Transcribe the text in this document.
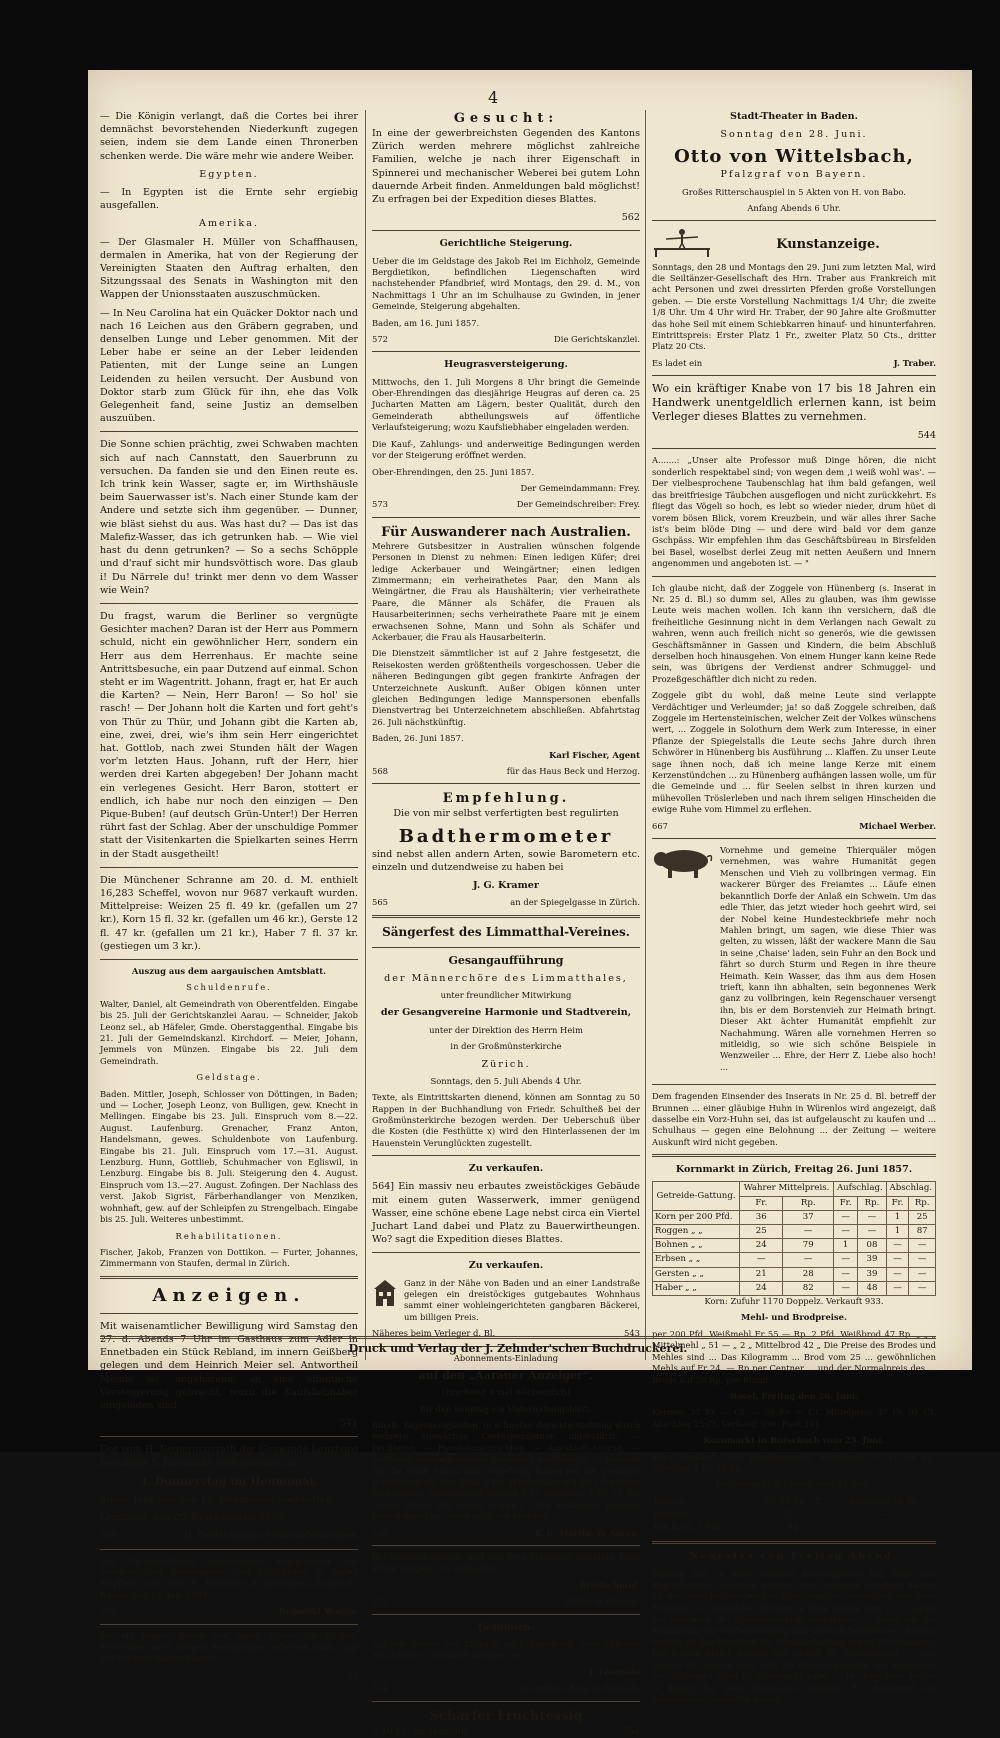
4

— Die Königin verlangt, daß die Cortes bei ihrer demnächst bevorstehenden Niederkunft zugegen seien, indem sie dem Lande einen Thronerben schenken werde. Die wäre mehr wie andere Weiber.

Egypten.

— In Egypten ist die Ernte sehr ergiebig ausgefallen.

Amerika.

— Der Glasmaler H. Müller von Schaffhausen, dermalen in Amerika, hat von der Regierung der Vereinigten Staaten den Auftrag erhalten, den Sitzungssaal des Senats in Washington mit den Wappen der Unionsstaaten auszuschmücken.

— In Neu Carolina hat ein Quäcker Doktor nach und nach 16 Leichen aus den Gräbern gegraben, und denselben Lunge und Leber genommen. Mit der Leber habe er seine an der Leber leidenden Patienten, mit der Lunge seine an Lungen Leidenden zu heilen versucht. Der Ausbund von Doktor starb zum Glück für ihn, ehe das Volk Gelegenheit fand, seine Justiz an demselben auszuüben.

Die Sonne schien prächtig, zwei Schwaben machten sich auf nach Cannstatt, den Sauerbrunn zu versuchen. Da fanden sie und den Einen reute es. Ich trink kein Wasser, sagte er, im Wirthshäusle beim Sauerwasser ist's. Nach einer Stunde kam der Andere und setzte sich ihm gegenüber. — Dunner, wie bläst siehst du aus. Was hast du? — Das ist das Malefiz-Wasser, das ich getrunken hab. — Wie viel hast du denn getrunken? — So a sechs Schöpple und d'rauf sicht mir hundsvöttisch wore. Das glaub i! Du Närrele du! trinkt mer denn vo dem Wasser wie Wein?

Du fragst, warum die Berliner so vergnügte Gesichter machen? Daran ist der Herr aus Pommern schuld, nicht ein gewöhnlicher Herr, sondern ein Herr aus dem Herrenhaus. Er machte seine Antrittsbesuche, ein paar Dutzend auf einmal. Schon steht er im Wagentritt. Johann, fragt er, hat Er auch die Karten? — Nein, Herr Baron! — So hol' sie rasch! — Der Johann holt die Karten und fort geht's von Thür zu Thür, und Johann gibt die Karten ab, eine, zwei, drei, wie's ihm sein Herr eingerichtet hat. Gottlob, nach zwei Stunden hält der Wagen vor'm letzten Haus. Johann, ruft der Herr, hier werden drei Karten abgegeben! Der Johann macht ein verlegenes Gesicht. Herr Baron, stottert er endlich, ich habe nur noch den einzigen — Den Pique-Buben! (auf deutsch Grün-Unter!) Der Herren rührt fast der Schlag. Aber der unschuldige Pommer statt der Visitenkarten die Spielkarten seines Herrn in der Stadt ausgetheilt!

Die Münchener Schranne am 20. d. M. enthielt 16,283 Scheffel, wovon nur 9687 verkauft wurden. Mittelpreise: Weizen 25 fl. 49 kr. (gefallen um 27 kr.), Korn 15 fl. 32 kr. (gefallen um 46 kr.), Gerste 12 fl. 47 kr. (gefallen um 21 kr.), Haber 7 fl. 37 kr. (gestiegen um 3 kr.).

Auszug aus dem aargauischen Amtsblatt.

Schuldenrufe.

Walter, Daniel, alt Gemeindrath von Oberentfelden. Eingabe bis 25. Juli der Gerichtskanzlei Aarau. — Schneider, Jakob Leonz sel., ab Häfeler, Gmde. Oberstaggenthal. Eingabe bis 21. Juli der Gemeindskanzl. Kirchdorf. — Meier, Johann, Jemmels von Münzen. Eingabe bis 22. Juli dem Gemeindrath.

Geldstage.

Baden. Mittler, Joseph, Schlosser von Döttingen, in Baden; und — Locher, Joseph Leonz, von Bulligen, gew. Knecht in Mellingen. Eingabe bis 23. Juli. Einspruch vom 8.—22. August. Laufenburg. Grenacher, Franz Anton, Handelsmann, gewes. Schuldenbote von Laufenburg. Eingabe bis 21. Juli. Einspruch vom 17.—31. August. Lenzburg. Hunn, Gottlieb, Schuhmacher von Egliswil, in Lenzburg. Eingabe bis 8. Juli. Steigerung den 4. August. Einspruch vom 13.—27. August. Zofingen. Der Nachlass des verst. Jakob Sigrist, Färberhandlanger von Menziken, wohnhaft, gew. auf der Schleipfen zu Strengelbach. Eingabe bis 25. Juli. Weiteres unbestimmt.

Rehabilitationen.

Fischer, Jakob, Franzen von Dottikon. — Furter, Johannes, Zimmermann von Staufen, dermal in Zürich.

Anzeigen.

Mit waisenamtlicher Bewilligung wird Samstag den 27. d. Abends 7 Uhr im Gasthaus zum Adler in Ennetbaden ein Stück Rebland, im innern Geißberg gelegen und dem Heinrich Meier sel. Antwortheil Meinle sel. angehörend, an eine öffentliche Versteigerung gebracht, wozu die Kaufsliebhaber eingeladen sind.

541

Der vom H. Regierungsrath der Gemeinde Lenzburg bewilligte 5. Jahrmarkt wird jeweilen am

3. Donnerstag im Heumonat,

dieses Jahr also den 16. Heumonats abgehalten.

Lenzburg, den 20. Brachmonats 1857.

566	H. Bertschinger, Gemeindschreiber.

Der Unterzeichnete, nunmehriger Eigenthümer des Gasthofs und Bierbrauerei zum Schloßberg in Baden empfiehlt sich dem E. Publikum zu geneigtem Zuspruch. Baden, den 23. Juni 1857.

559	Benedikt Wagus.

Wo ein junger Knabe von guten Eltern die Bäcker-Profession unter billigen Bedingungen erlernen kann, sagt der Verleger dieses Blattes.

53

Gesucht:

In eine der gewerbreichsten Gegenden des Kantons Zürich werden mehrere möglichst zahlreiche Familien, welche je nach ihrer Eigenschaft in Spinnerei und mechanischer Weberei bei gutem Lohn dauernde Arbeit finden. Anmeldungen bald möglichst! Zu erfragen bei der Expedition dieses Blattes.

562

Gerichtliche Steigerung.

Ueber die im Geldstage des Jakob Rei im Eichholz, Gemeinde Bergdietikon, befindlichen Liegenschaften wird nachstehender Pfandbrief, wird Montags, den 29. d. M., von Nachmittags 1 Uhr an im Schulhause zu Gwinden, in jener Gemeinde, Steigerung abgehalten.

Baden, am 16. Juni 1857.

572	Die Gerichtskanzlei.

Heugrasversteigerung.

Mittwochs, den 1. Juli Morgens 8 Uhr bringt die Gemeinde Ober-Ehrendingen das diesjährige Heugras auf deren ca. 25 Jucharten Matten am Lägern, bester Qualität, durch den Gemeinderath abtheilungsweis auf öffentliche Verlaufsteigerung; wozu Kaufsliebhaber eingeladen werden.

Die Kauf-, Zahlungs- und anderweitige Bedingungen werden vor der Steigerung eröffnet werden.

Ober-Ehrendingen, den 25. Juni 1857.

Der Gemeindammann: Frey.

573	Der Gemeindschreiber: Frey.
Für Auswanderer nach Australien.

Mehrere Gutsbesitzer in Australien wünschen folgende Personen in Dienst zu nehmen: Einen ledigen Küfer; drei ledige Ackerbauer und Weingärtner; einen ledigen Zimmermann; ein verheirathetes Paar, den Mann als Weingärtner, die Frau als Haushälterin; vier verheirathete Paare, die Männer als Schäfer, die Frauen als Hausarbeiterinnen; sechs verheirathete Paare mit je einem erwachsenen Sohne, Mann und Sohn als Schäfer und Ackerbauer, die Frau als Hausarbeiterin.

Die Dienstzeit sämmtlicher ist auf 2 Jahre festgesetzt, die Reisekosten werden größtentheils vorgeschossen. Ueber die näheren Bedingungen gibt gegen frankirte Anfragen der Unterzeichnete Auskunft. Außer Obigen können unter gleichen Bedingungen ledige Mannspersonen ebenfalls Dienstvertrag bei Unterzeichnetem abschließen. Abfahrtstag 26. Juli nächstkünftig.

Baden, 26. Juni 1857.

Karl Fischer, Agent

568	für das Haus Beck und Herzog.
Empfehlung.

Die von mir selbst verfertigten best regulirten

Badthermometer

sind nebst allen andern Arten, sowie Barometern etc. einzeln und dutzendweise zu haben bei

J. G. Kramer

565	an der Spiegelgasse in Zürich.
Sängerfest des Limmatthal-Vereines.

Gesangaufführung

der Männerchöre des Limmatthales,

unter freundlicher Mitwirkung

der Gesangvereine Harmonie und Stadtverein,

unter der Direktion des Herrn Heim

in der Großmünsterkirche

Zürich.

Sonntags, den 5. Juli Abends 4 Uhr.

Texte, als Eintrittskarten dienend, können am Sonntag zu 50 Rappen in der Buchhandlung von Friedr. Schultheß bei der Großmünsterkirche bezogen werden. Der Ueberschuß über die Kosten (die Festhütte x) wird den Hinterlassenen der im Hauenstein Verunglückten zugestellt.

Zu verkaufen.

564] Ein massiv neu erbautes zweistöckiges Gebäude mit einem guten Wasserwerk, immer genügend Wasser, eine schöne ebene Lage nebst circa ein Viertel Juchart Land dabei und Platz zu Bauerwirtheungen. Wo? sagt die Expedition dieses Blattes.

Zu verkaufen.

Ganz in der Nähe von Baden und an einer Landstraße gelegen ein dreistöckiges gutgebautes Wohnhaus sammt einer wohleingerichteten gangbaren Bäckerei, um billigen Preis.

Näheres beim Verleger d. Bl.	543

Abonnements-Einladung

auf den „Aarauer Anzeiger“.

(Erscheint 6 mal wöchentlich)

für den Sonntag ein Unterhaltungsblatt.

Inhalt: Tagesneuigkeiten, in schneller Berichterstattung durch mehrere auswärtige Correspondenten unterstützt; — Feuilleton; — Handelsnachrichten; — Amtsblatt-Auszug; — Oertliche Angelegenheiten besonders ausführlich. — Inserate für die Stadt Aarau und Umgebung finden bei der geringen Insertionspreis (per Zeile 6 Rp. Wiederholung 4 Rp.) die beste Verbreitung. Abonnement jährlich 9 Fr. halbjährl. 4 Fr. 75 Rp. franco durch die ganze Schweiz. Alle Postämter nehmen Bestellungen an, sowie auch der Verleger

538	F. G. Martin, in Aarau.

Bei Unterzeichnetem sind vier fette Schweine, ungefähr 1000 Pfund wiegend, zu verkaufen.

Breitschmid,

575	Müller in Bünzen.

Gefunden.

Auf der Straße von Zurzach nach Kadelburg „eine silberne Taschenuhr“. Auskunft darüber bei

J. Lentholo

574	zum grünen Berg in Zurzach.
Scharfer Fruchtessig
à 40 Ct. im Hirschli.	552

Stadt-Theater in Baden.

Sonntag den 28. Juni.

Otto von Wittelsbach,

Pfalzgraf von Bayern.

Großes Ritterschauspiel in 5 Akten von H. von Babo.

Anfang Abends 6 Uhr.

Kunstanzeige.

Sonntags, den 28 und Montags den 29. Juni zum letzten Mal, wird die Seiltänzer-Gesellschaft des Hrn. Traber aus Frankreich mit acht Personen und zwei dressirten Pferden große Vorstellungen geben. — Die erste Vorstellung Nachmittags 1/4 Uhr; die zweite 1/8 Uhr. Um 4 Uhr wird Hr. Traber, der 90 Jahre alte Großmutter das hohe Seil mit einem Schiebkarren hinauf- und hinunterfahren. Eintrittspreis: Erster Platz 1 Fr., zweiter Platz 50 Cts., dritter Platz 20 Cts.

Es ladet ein	J. Traber.

Wo ein kräftiger Knabe von 17 bis 18 Jahren ein Handwerk unentgeldlich erlernen kann, ist beim Verleger dieses Blattes zu vernehmen.

544

A.......: „Unser alte Professor muß Dinge hören, die nicht sonderlich respektabel sind; von wegen dem ‚i weiß wohl was‘. — Der vielbesprochene Taubenschlag hat ihm bald gefangen, weil das breitfriesige Täubchen ausgeflogen und nicht zurückkehrt. Es fliegt das Vögeli so hoch, es lebt so wieder nieder, drum hüet di vorem bösen Blick, vorem Kreuzbein, und wär alles ihrer Sache ist's beim blöde Ding — und dere wird bald vor dem ganze Gschpäss. Wir empfehlen ihm das Geschäftsbüreau in Birsfelden bei Basel, woselbst derlei Zeug mit netten Aeußern und Innern angenommen und angeboten ist. — "

Ich glaube nicht, daß der Zoggele von Hünenberg (s. Inserat in Nr. 25 d. Bl.) so dumm sei, Alles zu glauben, was ihm gewisse Leute weis machen wollen. Ich kann ihn versichern, daß die freiheitliche Gesinnung nicht in dem Verlangen nach Gewalt zu wahren, wenn auch freilich nicht so generös, wie die gewissen Geschäftsmänner in Gassen und Kindern, die beim Abschluß derselben hoch hinausgehen. Von einem Hunger kann keine Rede sein, was übrigens der Verdienst andrer Schmuggel- und Prozeßgeschäftler dich nicht zu reden.

Zoggele gibt du wohl, daß meine Leute sind verlappte Verdächtiger und Verleumder; ja! so daß Zoggele schreiben, daß Zoggele im Hertensteinischen, welcher Zeit der Volkes wünschens wert, ... Zoggele in Solothurn dem Werk zum Interesse, in einer Pflanze der Spiegelstalls die Leute sechs Jahre durch ihren Schwörer in Hünenberg bis Ausführung ... Klaffen. Zu unser Leute sage ihnen noch, daß ich meine lange Kerze mit einem Kerzenstündchen ... zu Hünenberg aufhängen lassen wolle, um für die Gemeinde und ... für Seelen selbst in ihren kurzen und mühevollen Tröslerleben und nach ihrem seligen Hinscheiden die ewige Ruhe vom Himmel zu erflehen.

667	Michael Werber.

Vornehme und gemeine Thierquäler mögen vernehmen, was wahre Humanität gegen Menschen und Vieh zu vollbringen vermag. Ein wackerer Bürger des Freiamtes ... Läufe einen bekanntlich Dorfe der Anlaß ein Schwein. Um das edle Thier, das jetzt wieder hoch geehrt wird, sei der Nobel keine Hundesteckbriefe mehr noch Mahlen bringt, um sagen, wie diese Thier was gelten, zu wissen, läßt der wackere Mann die Sau in seine ‚Chaise‘ laden, sein Fuhr an den Bock und fährt so durch Sturm und Regen in ihre theure Heimath. Kein Wasser, das ihm aus dem Hosen trieft, kann ihn abhalten, sein begonnenes Werk ganz zu vollbringen, kein Regenschauer versengt ihn, bis er dem Borstenvieh zur Heimath bringt. Dieser Akt ächter Humanität empfiehlt zur Nachahmung. Wären alle vornehmen Herren so mitleidig, so wie sich schöne Beispiele in Wenzweiler ... Ehre, der Herr Z. Liebe also hoch! ...

Dem fragenden Einsender des Inserats in Nr. 25 d. Bl. betreff der Brunnen ... einer gläubige Huhn in Würenlos wird angezeigt, daß dasselbe ein Vorz-Huhn sei, das ist aufgelauscht zu kaufen und ... Schulhaus — gegen eine Belohnung ... der Zeitung — weitere Auskunft wird nicht gegeben.

Kornmarkt in Zürich, Freitag 26. Juni 1857.

Getreide-Gattung.	Wahrer Mittelpreis.		Aufschlag.		Abschlag.	
	Fr.	Rp.	Fr.	Rp.	Fr.	Rp.
Korn per 200 Pfd.	36	37	—	—	1	25
Roggen „ „	25	—	—	—	1	87
Bohnen „ „	24	79	1	08	—	—
Erbsen „ „	—	—	—	39	—	—
Gersten „ „	21	28	—	39	—	—
Haber „ „	24	82	—	48	—	—

Korn: Zufuhr 1170 Doppelz. Verkauft 933.

Mehl- und Brodpreise.

per 200 Pfd. Weißmehl Fr 55 — Rp. 2 Pfd. Weißbrod 47 Rp. „ „ „ Mittelmehl „ 51 — „ 2 „ Mittelbrod 42 „ Die Preise des Brodes und Mehles sind ... Das Kilogramm ... Brod vom 25 ... gewöhnlichen Mehls auf Fr 24. — Rp per Centner ... und der Normalpreis des ... Brods auf 20 Rp. per Pfund.

Basel, Freitag den 26. Juni.

Kernen: 37 Fr. — Ct. — 39 Fr. — Ct. Mittelpreis 37 Fr. 91 Ct. Abschlag 25 Ct. Verkauft 936. Rest 391.

Kornmarkt in Rorschach vom 25. Juni.

Korn: Verkauft 2493 Doppelzentner. Mittelpreis 37 Fr. 98 Rp. Abschlag 1 Fr. 30 Rp.

Fruchtmarkt in Luzern vom 23. Juni.

Kernen	Fr. 39 Rp. 72	Abschlag 74 Rp.
Roggen	„ 27 „ —	„ — „
Ein Brod, 5 Pfd.	„ 94 „	2 „

Neuestes von Freitag Abend.

Tägerig soll zu einer eigenen Kuratkaplanei mit Tauf- und Begräbnißplatz erhoben werden. Der bisherige Substitut Karrer ist zum Gerichtschreiber von Kulm avancirt. Gratuliren den alten Freunde. — Turnlehrer Zürcher in Bern wurde zum ... — Aarau hat nun auch die Schwimmschule übergeben. — Aarau hat die Einführung der Gasbeleuchtung nun wirklich beschlossen. Ebenso wichtig ist der Beschluß für Herbeischaffung guten Trinkwassers. Die Kosten hiefür werden auf 60,000 Fr. veranschlagt. — Das Journal de Genève sagt, daß die Hauensteinopfer der Regierung von Solothurn 2000 Fr. übermacht habe. — Hr. Reg.-Rath Sulzer in Zürich hat seine Demission verlangt. Er übernimmt ein industrielles Geschäfte wieder.

Druck und Verlag der J. Zehnder'schen Buchdruckerei.
